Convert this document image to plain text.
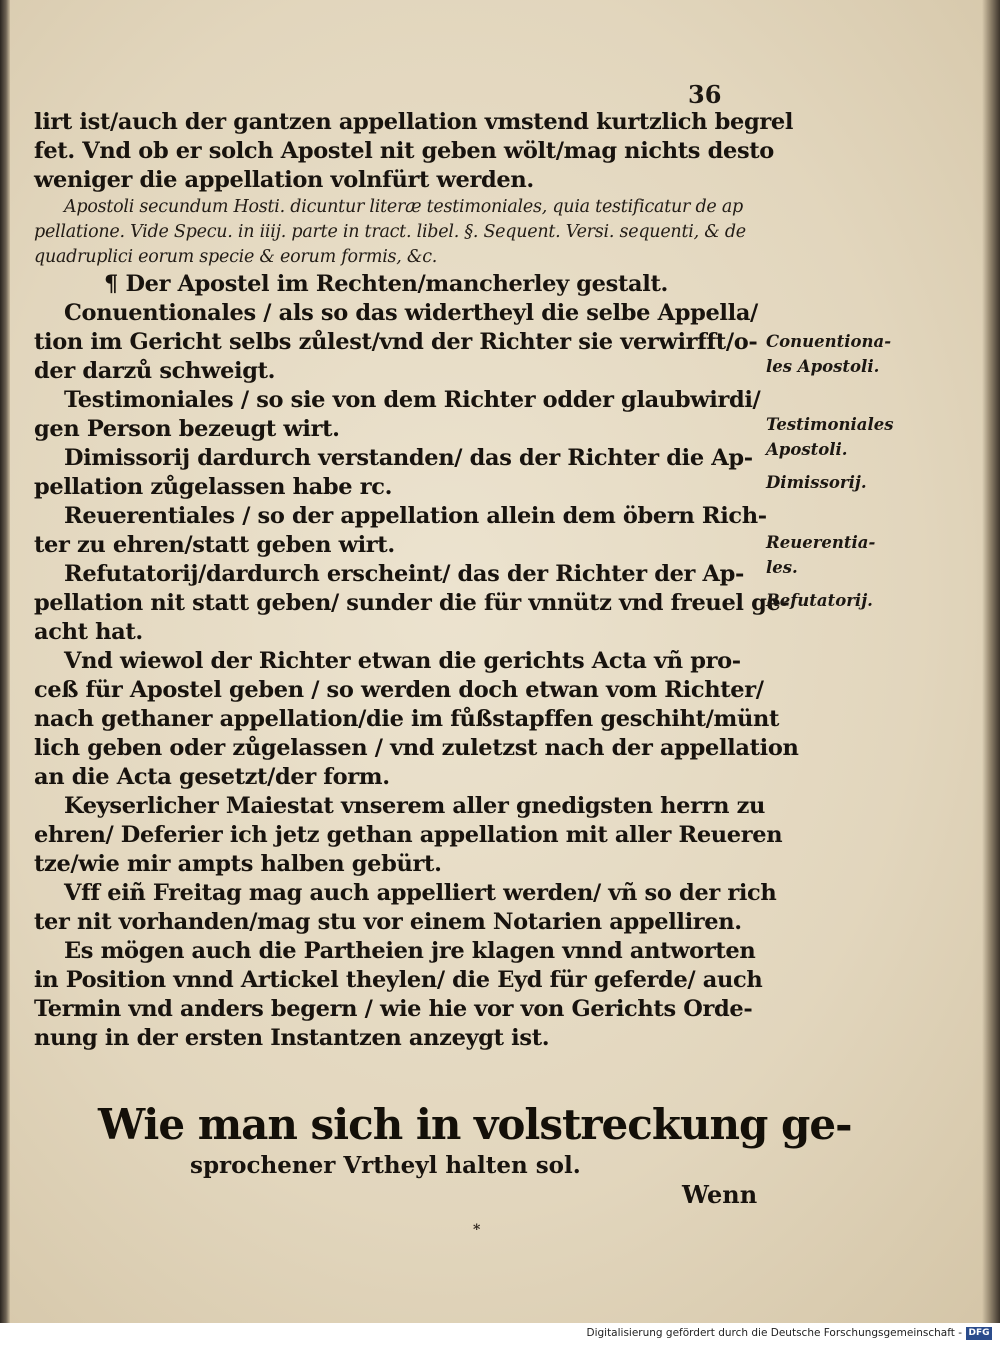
36
lirt ist/auch der gantzen appellation vmstend kurtzlich begrel
fet. Vnd ob er solch Apostel nit geben wölt/mag nichts desto
weniger die appellation volnfürt werden.
Apostoli secundum Hosti. dicuntur literæ testimoniales, quia testificatur de ap
pellatione. Vide Specu. in iiij. parte in tract. libel. §. Sequent. Versi. sequenti, & de
quadruplici eorum specie & eorum formis, &c.
¶ Der Apostel im Rechten/mancherley gestalt.
Conuentionales / als so das widertheyl die selbe Appella/
tion im Gericht selbs zůlest/vnd der Richter sie verwirfft/o-
der darzů schweigt.
Testimoniales / so sie von dem Richter odder glaubwirdi/
gen Person bezeugt wirt.
Dimissorij dardurch verstanden/ das der Richter die Ap-
pellation zůgelassen habe rc.
Reuerentiales / so der appellation allein dem öbern Rich-
ter zu ehren/statt geben wirt.
Refutatorij/dardurch erscheint/ das der Richter der Ap-
pellation nit statt geben/ sunder die für vnnütz vnd freuel ge-
acht hat.
Vnd wiewol der Richter etwan die gerichts Acta vñ pro-
ceß für Apostel geben / so werden doch etwan vom Richter/
nach gethaner appellation/die im fůßstapffen geschiht/münt
lich geben oder zůgelassen / vnd zuletzst nach der appellation
an die Acta gesetzt/der form.
Keyserlicher Maiestat vnserem aller gnedigsten herrn zu
ehren/ Deferier ich jetz gethan appellation mit aller Reueren
tze/wie mir ampts halben gebürt.
Vff eiñ Freitag mag auch appelliert werden/ vñ so der rich
ter nit vorhanden/mag stu vor einem Notarien appelliren.
Es mögen auch die Partheien jre klagen vnnd antworten
in Position vnnd Artickel theylen/ die Eyd für geferde/ auch
Termin vnd anders begern / wie hie vor von Gerichts Orde-
nung in der ersten Instantzen anzeygt ist.
Conuentiona-
les Apostoli.
Testimoniales
Apostoli.
Dimissorij.
Reuerentia-
les.
Refutatorij.
Wie man sich in volstreckung ge-
sprochener Vrtheyl halten sol.
Wenn
*
Digitalisierung gefördert durch die Deutsche Forschungsgemeinschaft - DFG
